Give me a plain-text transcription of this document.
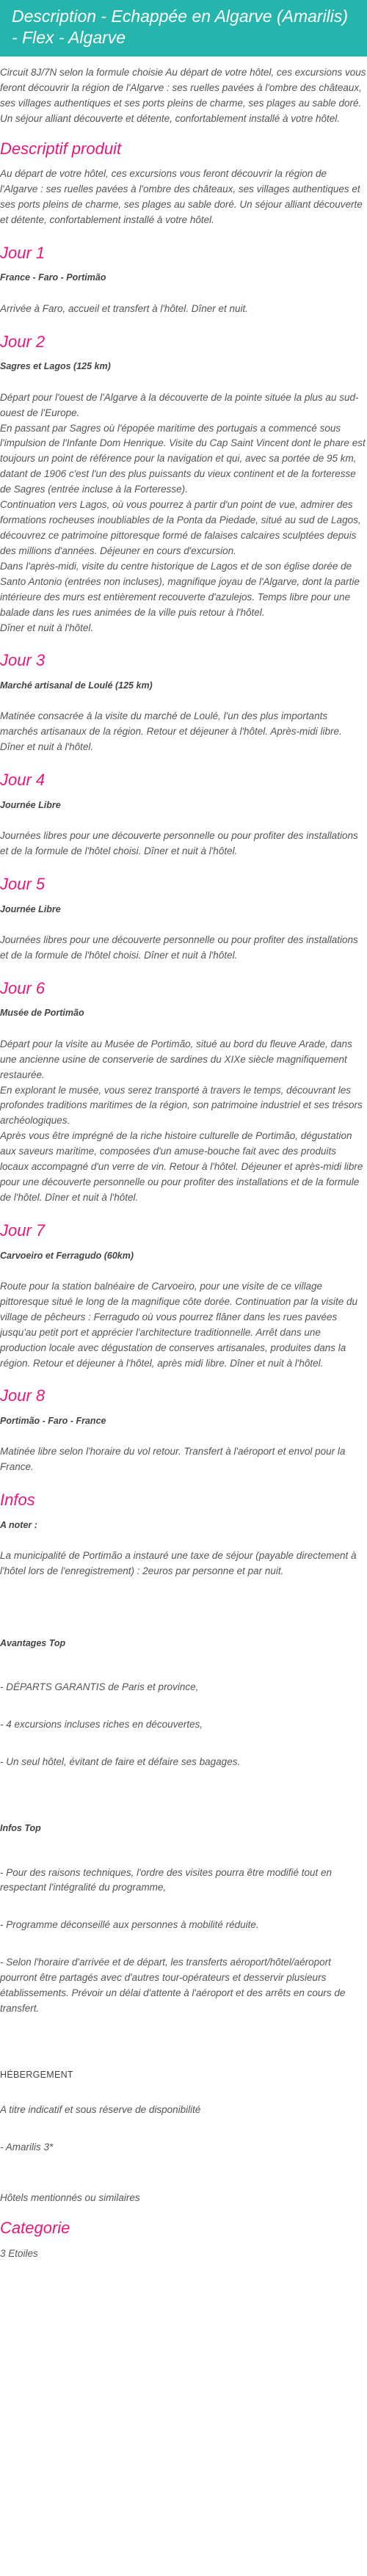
Description - Echappée en Algarve (Amarilis) - Flex - Algarve

Circuit 8J/7N selon la formule choisie Au départ de votre hôtel, ces excursions vous feront découvrir la région de l'Algarve : ses ruelles pavées à l'ombre des châteaux, ses villages authentiques et ses ports pleins de charme, ses plages au sable doré. Un séjour alliant découverte et détente, confortablement installé à votre hôtel.

Descriptif produit

Au départ de votre hôtel, ces excursions vous feront découvrir la région de l'Algarve : ses ruelles pavées à l'ombre des châteaux, ses villages authentiques et ses ports pleins de charme, ses plages au sable doré. Un séjour alliant découverte et détente, confortablement installé à votre hôtel.

Jour 1
France - Faro - Portimão

Arrivée à Faro, accueil et transfert à l'hôtel. Dîner et nuit.

Jour 2
Sagres et Lagos (125 km)

Départ pour l'ouest de l'Algarve à la découverte de la pointe située la plus au sud-ouest de l'Europe.
En passant par Sagres où l'épopée maritime des portugais a commencé sous l'impulsion de l'Infante Dom Henrique. Visite du Cap Saint Vincent dont le phare est toujours un point de référence pour la navigation et qui, avec sa portée de 95 km, datant de 1906 c'est l'un des plus puissants du vieux continent et de la forteresse de Sagres (entrée incluse à la Forteresse).
Continuation vers Lagos, où vous pourrez à partir d'un point de vue, admirer des formations rocheuses inoubliables de la Ponta da Piedade, situé au sud de Lagos, découvrez ce patrimoine pittoresque formé de falaises calcaires sculptées depuis des millions d'années. Déjeuner en cours d'excursion.
Dans l'après-midi, visite du centre historique de Lagos et de son église dorée de Santo Antonio (entrées non incluses), magnifique joyau de l'Algarve, dont la partie intérieure des murs est entièrement recouverte d'azulejos. Temps libre pour une balade dans les rues animées de la ville puis retour à l'hôtel.
Dîner et nuit à l'hôtel.

Jour 3
Marché artisanal de Loulé (125 km)

Matinée consacrée à la visite du marché de Loulé, l'un des plus importants marchés artisanaux de la région. Retour et déjeuner à l'hôtel. Après-midi libre. Dîner et nuit à l'hôtel.

Jour 4
Journée Libre

Journées libres pour une découverte personnelle ou pour profiter des installations et de la formule de l'hôtel choisi. Dîner et nuit à l'hôtel.

Jour 5
Journée Libre

Journées libres pour une découverte personnelle ou pour profiter des installations et de la formule de l'hôtel choisi. Dîner et nuit à l'hôtel.

Jour 6
Musée de Portimão

Départ pour la visite au Musée de Portimão, situé au bord du fleuve Arade, dans une ancienne usine de conserverie de sardines du XIXe siècle magnifiquement restaurée.
En explorant le musée, vous serez transporté à travers le temps, découvrant les profondes traditions maritimes de la région, son patrimoine industriel et ses trésors archéologiques.
Après vous être imprégné de la riche histoire culturelle de Portimão, dégustation aux saveurs maritime, composées d'un amuse-bouche fait avec des produits locaux accompagné d'un verre de vin. Retour à l'hôtel. Déjeuner et après-midi libre pour une découverte personnelle ou pour profiter des installations et de la formule de l'hôtel. Dîner et nuit à l'hôtel.

Jour 7
Carvoeiro et Ferragudo (60km)

Route pour la station balnéaire de Carvoeiro, pour une visite de ce village pittoresque situé le long de la magnifique côte dorée. Continuation par la visite du village de pêcheurs : Ferragudo où vous pourrez flâner dans les rues pavées jusqu'au petit port et apprécier l'architecture traditionnelle. Arrêt dans une production locale avec dégustation de conserves artisanales, produites dans la région. Retour et déjeuner à l'hôtel, après midi libre. Dîner et nuit à l'hôtel.

Jour 8
Portimão - Faro - France

Matinée libre selon l'horaire du vol retour. Transfert à l'aéroport et envol pour la France.

Infos
A noter :

La municipalité de Portimão a instauré une taxe de séjour (payable directement à l'hôtel lors de l'enregistrement) : 2euros par personne et par nuit.

Avantages Top

- DÉPARTS GARANTIS de Paris et province,

- 4 excursions incluses riches en découvertes,

- Un seul hôtel, évitant de faire et défaire ses bagages.

Infos Top

- Pour des raisons techniques, l'ordre des visites pourra être modifié tout en respectant l'intégralité du programme,

- Programme déconseillé aux personnes à mobilité réduite.

- Selon l'horaire d'arrivée et de départ, les transferts aéroport/hôtel/aéroport pourront être partagés avec d'autres tour-opérateurs et desservir plusieurs établissements. Prévoir un délai d'attente à l'aéroport et des arrêts en cours de transfert.

HÉBERGEMENT

A titre indicatif et sous réserve de disponibilité

- Amarilis 3*

Hôtels mentionnés ou similaires

Categorie

3 Etoiles
